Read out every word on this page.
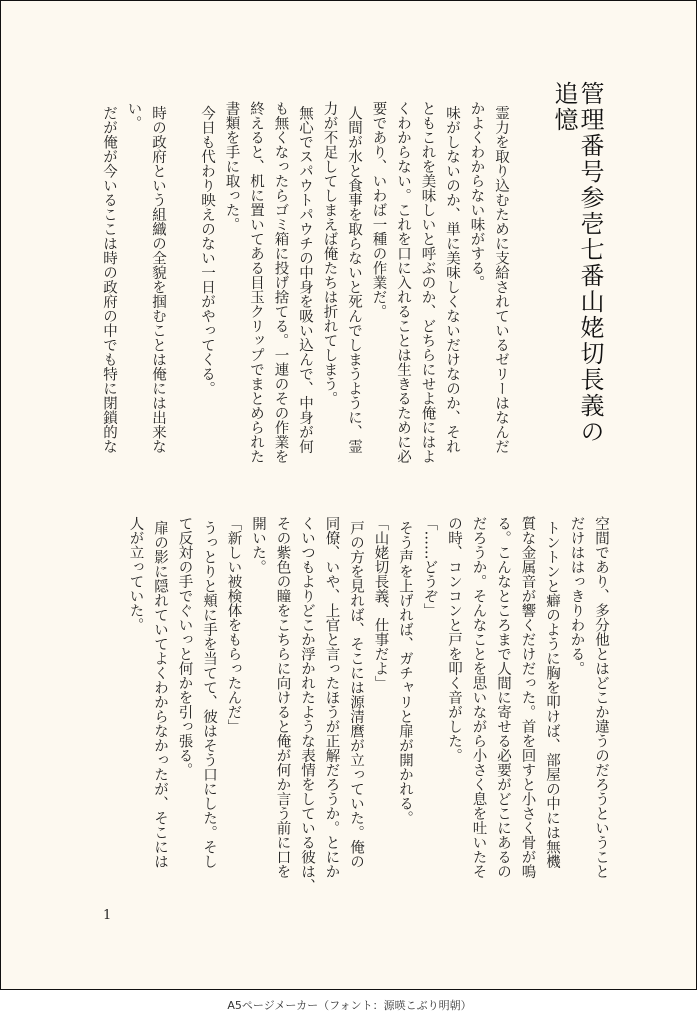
管理番号参壱七番山姥切長義の追憶
霊力を取り込むために支給されているゼリーはなんだ
かよくわからない味がする。
味がしないのか、単に美味しくないだけなのか、それ
ともこれを美味しいと呼ぶのか、どちらにせよ俺にはよ
くわからない。これを口に入れることは生きるために必
要であり、いわば一種の作業だ。
人間が水と食事を取らないと死んでしまうように、霊
力が不足してしまえば俺たちは折れてしまう。
無心でスパウトパウチの中身を吸い込んで、中身が何
も無くなったらゴミ箱に投げ捨てる。一連のその作業を
終えると、机に置いてある目玉クリップでまとめられた
書類を手に取った。
今日も代わり映えのない一日がやってくる。

時の政府という組織の全貌を掴むことは俺には出来な
い。
だが俺が今いるここは時の政府の中でも特に閉鎖的な
空間であり、多分他とはどこか違うのだろうということ
だけははっきりわかる。
トントンと癖のように胸を叩けば、部屋の中には無機
質な金属音が響くだけだった。首を回すと小さく骨が鳴
る。こんなところまで人間に寄せる必要がどこにあるの
だろうか。そんなことを思いながら小さく息を吐いたそ
の時、コンコンと戸を叩く音がした。
「……どうぞ」
そう声を上げれば、ガチャリと扉が開かれる。
「山姥切長義、仕事だよ」
戸の方を見れば、そこには源清麿が立っていた。俺の
同僚、いや、上官と言ったほうが正解だろうか。とにか
くいつもよりどこか浮かれたような表情をしている彼は、
その紫色の瞳をこちらに向けると俺が何か言う前に口を
開いた。
「新しい被検体をもらったんだ」
うっとりと頬に手を当てて、彼はそう口にした。そし
て反対の手でぐいっと何かを引っ張る。
扉の影に隠れていてよくわからなかったが、そこには
人が立っていた。
1
A5ページメーカー（フォント：源暎こぶり明朝）
